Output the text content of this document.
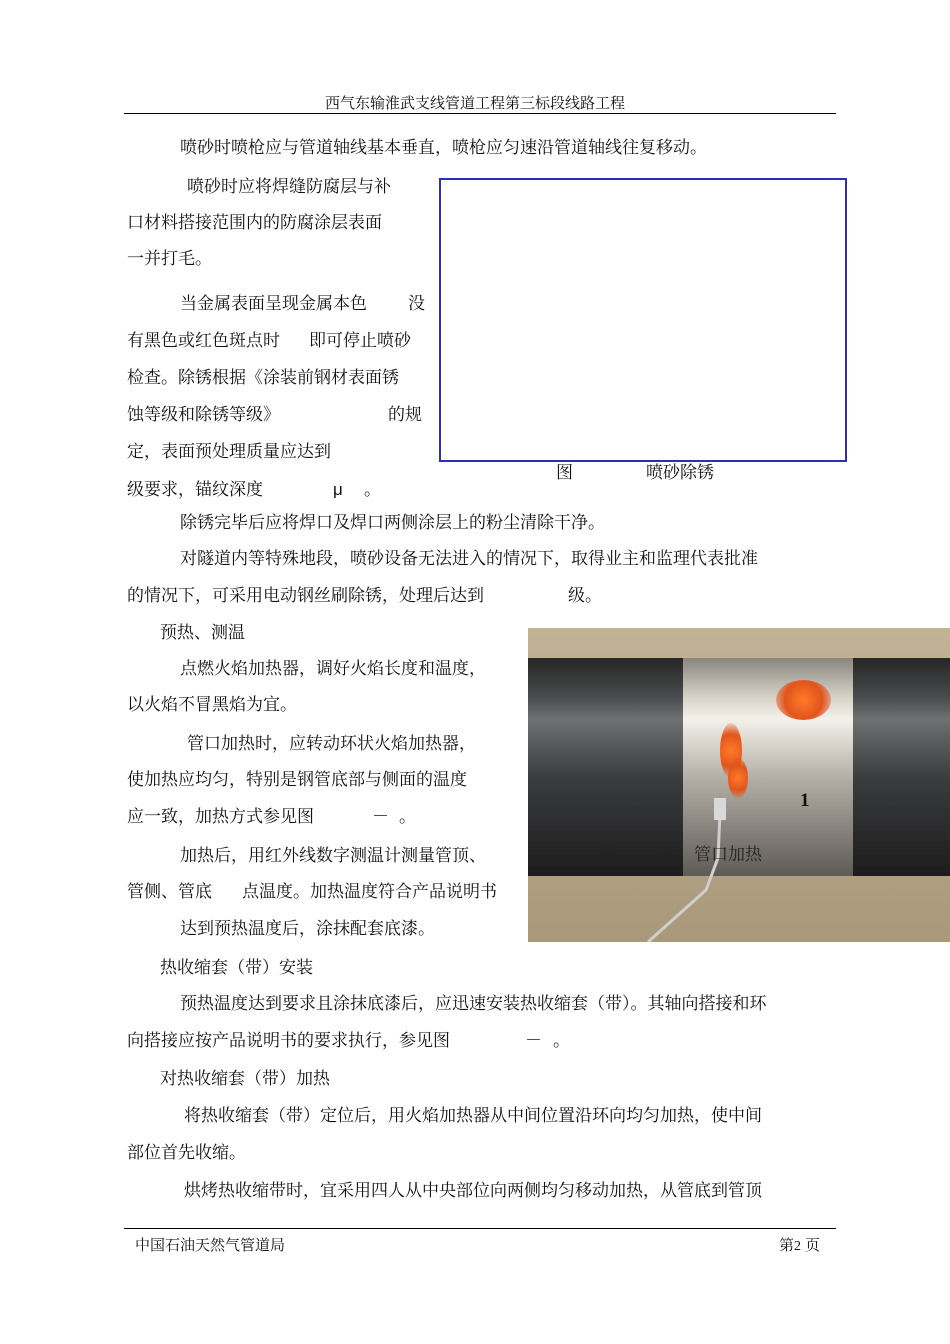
西气东输淮武支线管道工程第三标段线路工程
喷砂时喷枪应与管道轴线基本垂直，喷枪应匀速沿管道轴线往复移动。
图	喷砂除锈
喷砂时应将焊缝防腐层与补
口材料搭接范围内的防腐涂层表面
一并打毛。
当金属表面呈现金属本色 没
有黑色或红色斑点时 即可停止喷砂
检查。除锈根据《涂装前钢材表面锈
蚀等级和除锈等级》	的规
定，表面预处理质量应达到
级要求，锚纹深度	μ 。
除锈完毕后应将焊口及焊口两侧涂层上的粉尘清除干净。
对隧道内等特殊地段，喷砂设备无法进入的情况下，取得业主和监理代表批准
的情况下，可采用电动钢丝刷除锈，处理后达到	级。
预热、测温
1
图 － 管口加热
点燃火焰加热器，调好火焰长度和温度，
以火焰不冒黑焰为宜。
管口加热时，应转动环状火焰加热器，
使加热应均匀，特别是钢管底部与侧面的温度
应一致，加热方式参见图	－ 。
加热后，用红外线数字测温计测量管顶、
管侧、管底 点温度。加热温度符合产品说明书
达到预热温度后，涂抹配套底漆。
热收缩套（带）安装
预热温度达到要求且涂抹底漆后，应迅速安装热收缩套（带）。其轴向搭接和环
向搭接应按产品说明书的要求执行，参见图	－ 。
对热收缩套（带）加热
将热收缩套（带）定位后，用火焰加热器从中间位置沿环向均匀加热，使中间
部位首先收缩。
烘烤热收缩带时，宜采用四人从中央部位向两侧均匀移动加热，从管底到管顶
中国石油天然气管道局	第2 页
